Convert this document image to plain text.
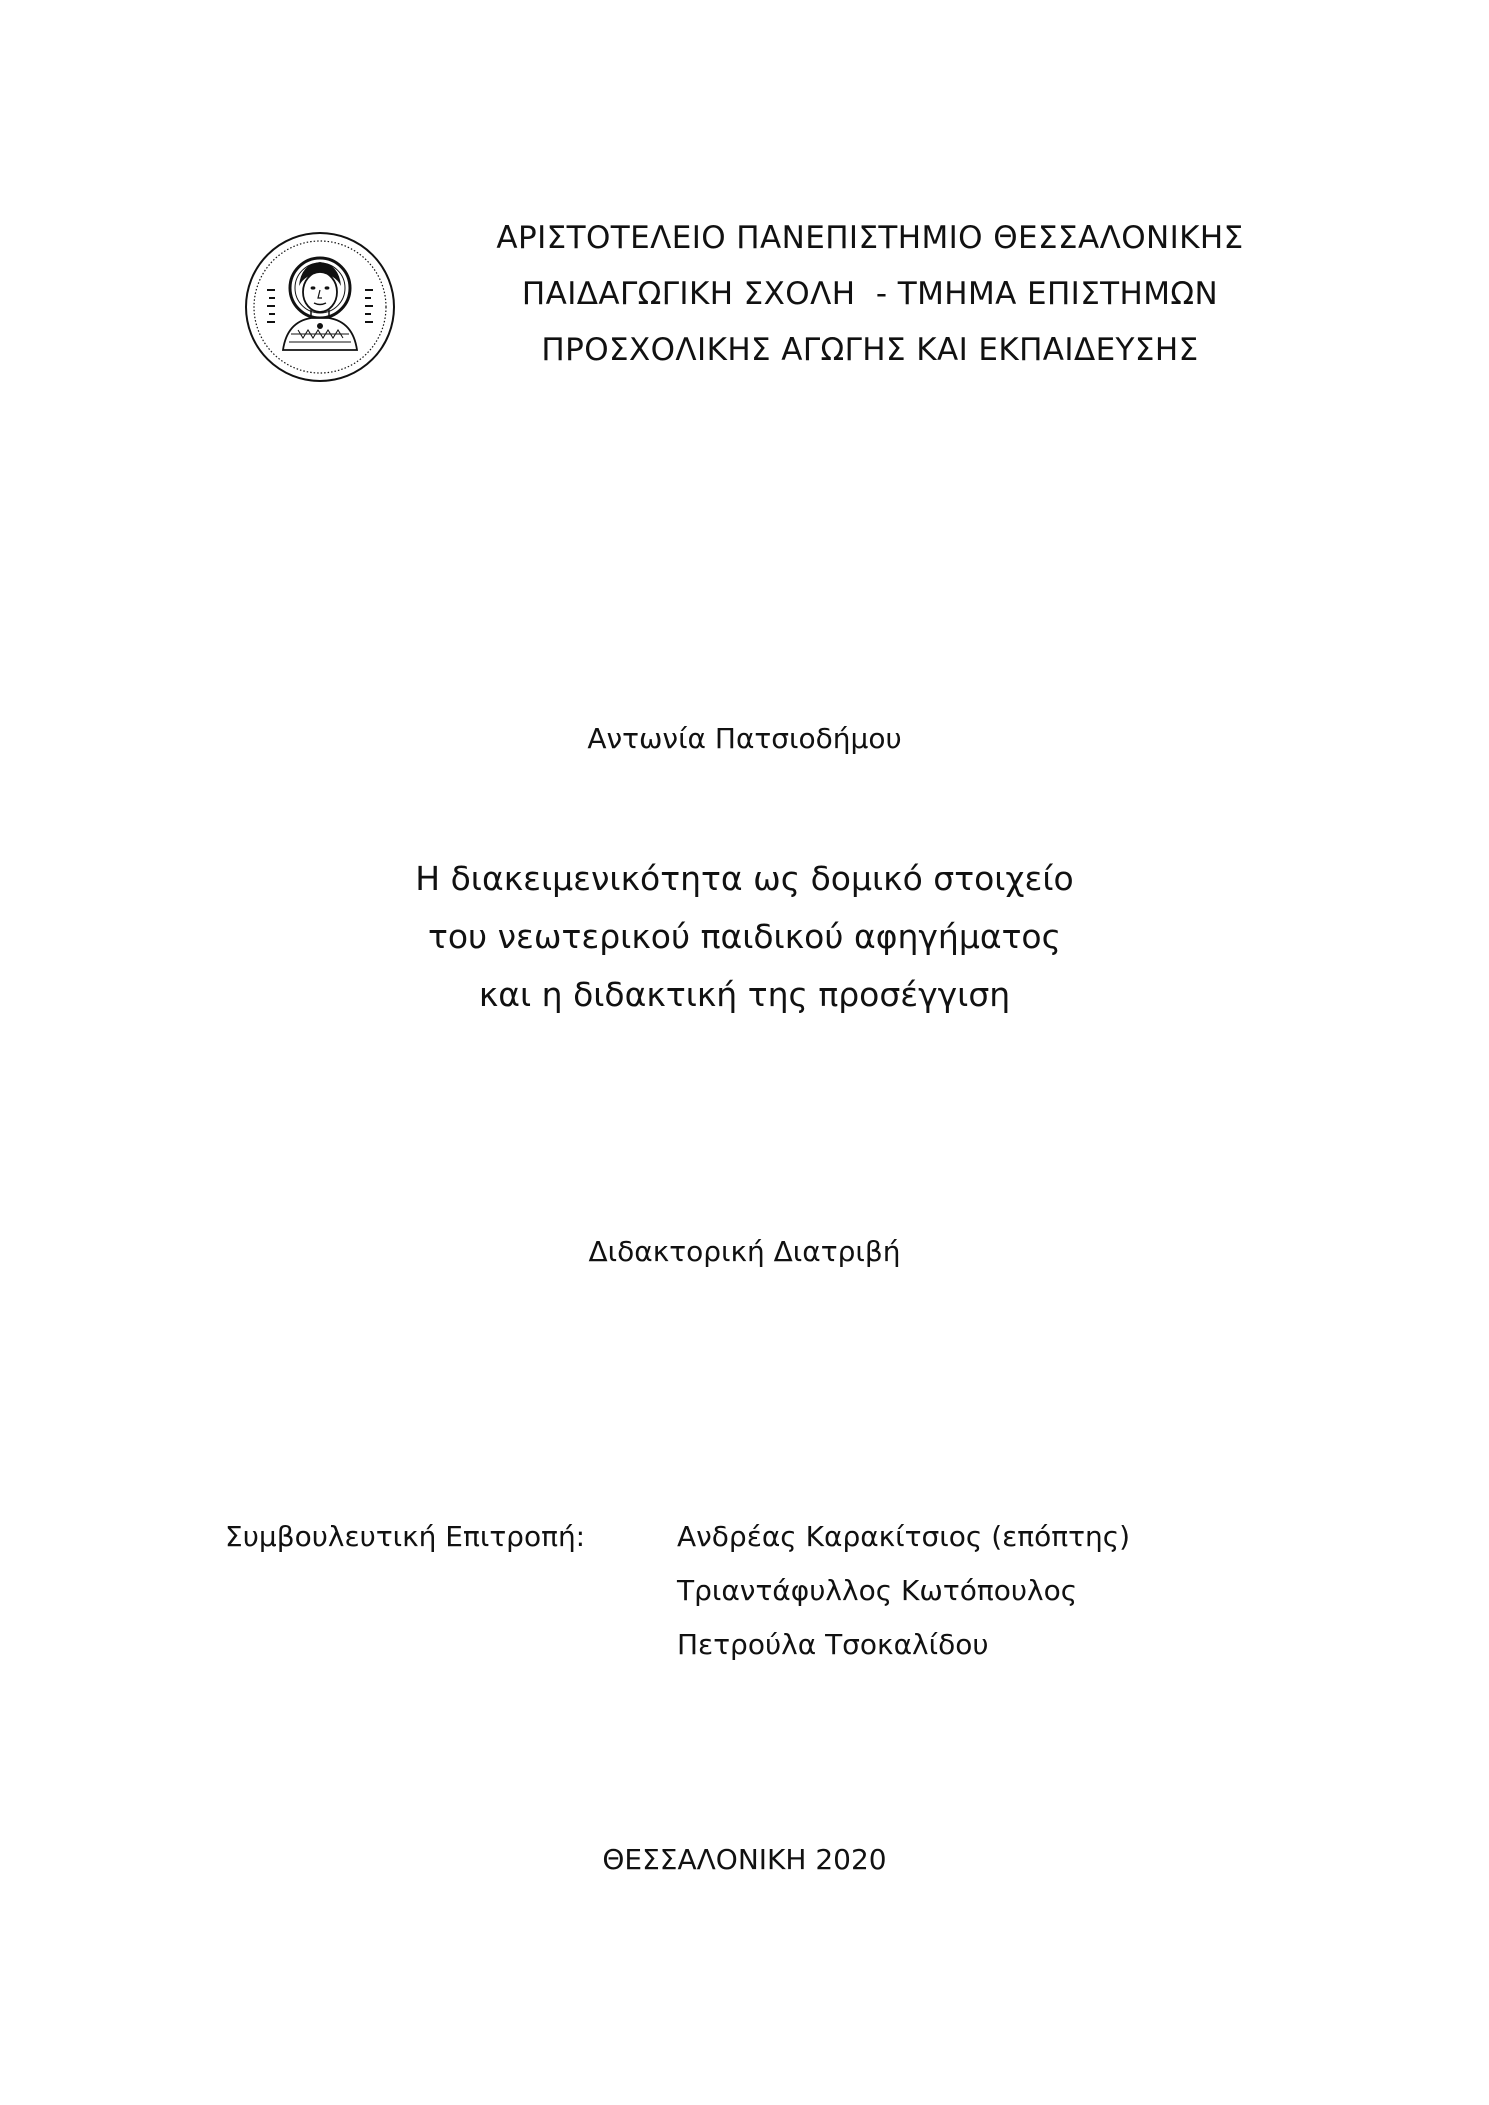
ΑΡΙΣΤΟΤΕΛΕΙΟ ΠΑΝΕΠΙΣΤΗΜΙΟ ΘΕΣΣΑΛΟΝΙΚΗΣ
ΠΑΙΔΑΓΩΓΙΚΗ ΣΧΟΛΗ  - ΤΜΗΜΑ ΕΠΙΣΤΗΜΩΝ
ΠΡΟΣΧΟΛΙΚΗΣ ΑΓΩΓΗΣ ΚΑΙ ΕΚΠΑΙΔΕΥΣΗΣ
Αντωνία Πατσιοδήμου
Η διακειμενικότητα ως δομικό στοιχείο
του νεωτερικού παιδικού αφηγήματος
και η διδακτική της προσέγγιση
Διδακτορική Διατριβή
Συμβουλευτική Επιτροπή:	Ανδρέας Καρακίτσιος (επόπτης)
Τριαντάφυλλος Κωτόπουλος
Πετρούλα Τσοκαλίδου
ΘΕΣΣΑΛΟΝΙΚΗ 2020
